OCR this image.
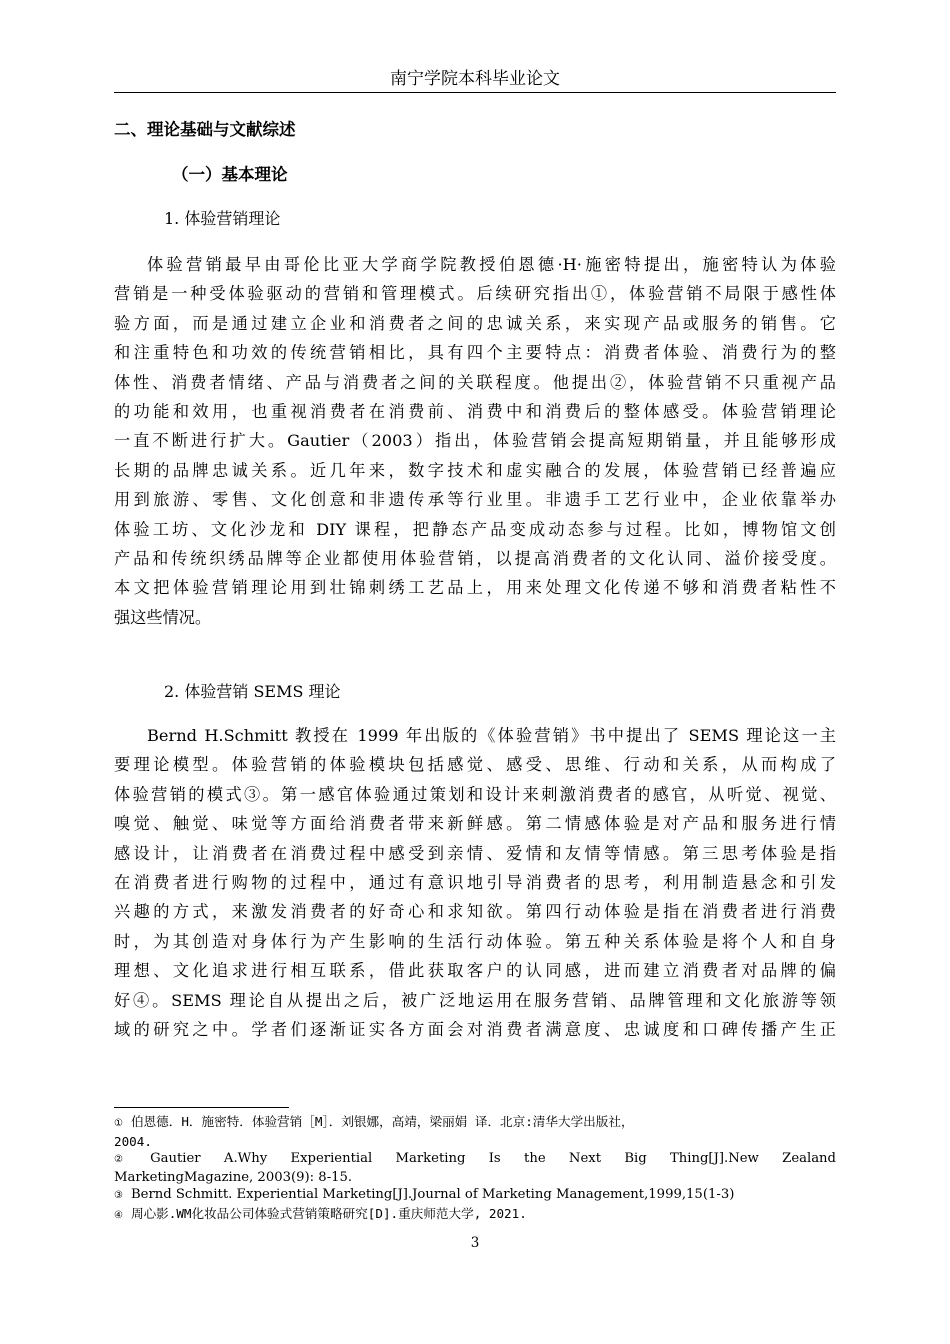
南宁学院本科毕业论文
二、理论基础与文献综述
（一）基本理论
1. 体验营销理论
体验营销最早由哥伦比亚大学商学院教授伯恩德·H·施密特提出，施密特认为体验
营销是一种受体验驱动的营销和管理模式。后续研究指出①，体验营销不局限于感性体
验方面，而是通过建立企业和消费者之间的忠诚关系，来实现产品或服务的销售。它
和注重特色和功效的传统营销相比，具有四个主要特点：消费者体验、消费行为的整
体性、消费者情绪、产品与消费者之间的关联程度。他提出②，体验营销不只重视产品
的功能和效用，也重视消费者在消费前、消费中和消费后的整体感受。体验营销理论
一直不断进行扩大。Gautier（2003）指出，体验营销会提高短期销量，并且能够形成
长期的品牌忠诚关系。近几年来，数字技术和虚实融合的发展，体验营销已经普遍应
用到旅游、零售、文化创意和非遗传承等行业里。非遗手工艺行业中，企业依靠举办
体验工坊、文化沙龙和 DIY 课程，把静态产品变成动态参与过程。比如，博物馆文创
产品和传统织绣品牌等企业都使用体验营销，以提高消费者的文化认同、溢价接受度。
本文把体验营销理论用到壮锦刺绣工艺品上，用来处理文化传递不够和消费者粘性不
强这些情况。
2. 体验营销 SEMS 理论
Bernd H.Schmitt 教授在 1999 年出版的《体验营销》书中提出了 SEMS 理论这一主
要理论模型。体验营销的体验模块包括感觉、感受、思维、行动和关系，从而构成了
体验营销的模式③。第一感官体验通过策划和设计来刺激消费者的感官，从听觉、视觉、
嗅觉、触觉、味觉等方面给消费者带来新鲜感。第二情感体验是对产品和服务进行情
感设计，让消费者在消费过程中感受到亲情、爱情和友情等情感。第三思考体验是指
在消费者进行购物的过程中，通过有意识地引导消费者的思考，利用制造悬念和引发
兴趣的方式，来激发消费者的好奇心和求知欲。第四行动体验是指在消费者进行消费
时，为其创造对身体行为产生影响的生活行动体验。第五种关系体验是将个人和自身
理想、文化追求进行相互联系，借此获取客户的认同感，进而建立消费者对品牌的偏
好④。SEMS 理论自从提出之后，被广泛地运用在服务营销、品牌管理和文化旅游等领
域的研究之中。学者们逐渐证实各方面会对消费者满意度、忠诚度和口碑传播产生正
① 伯恩德．H．施密特．体验营销［M］．刘银娜，高靖，梁丽娟 译．北京:清华大学出版社，
2004.
② Gautier A.Why Experiential Marketing Is the Next Big Thing[J].New Zealand
MarketingMagazine, 2003(9): 8-15.
③ Bernd Schmitt. Experiential Marketing[J].Journal of Marketing Management,1999,15(1-3)
④ 周心影.WM化妆品公司体验式营销策略研究[D].重庆师范大学, 2021.
3
